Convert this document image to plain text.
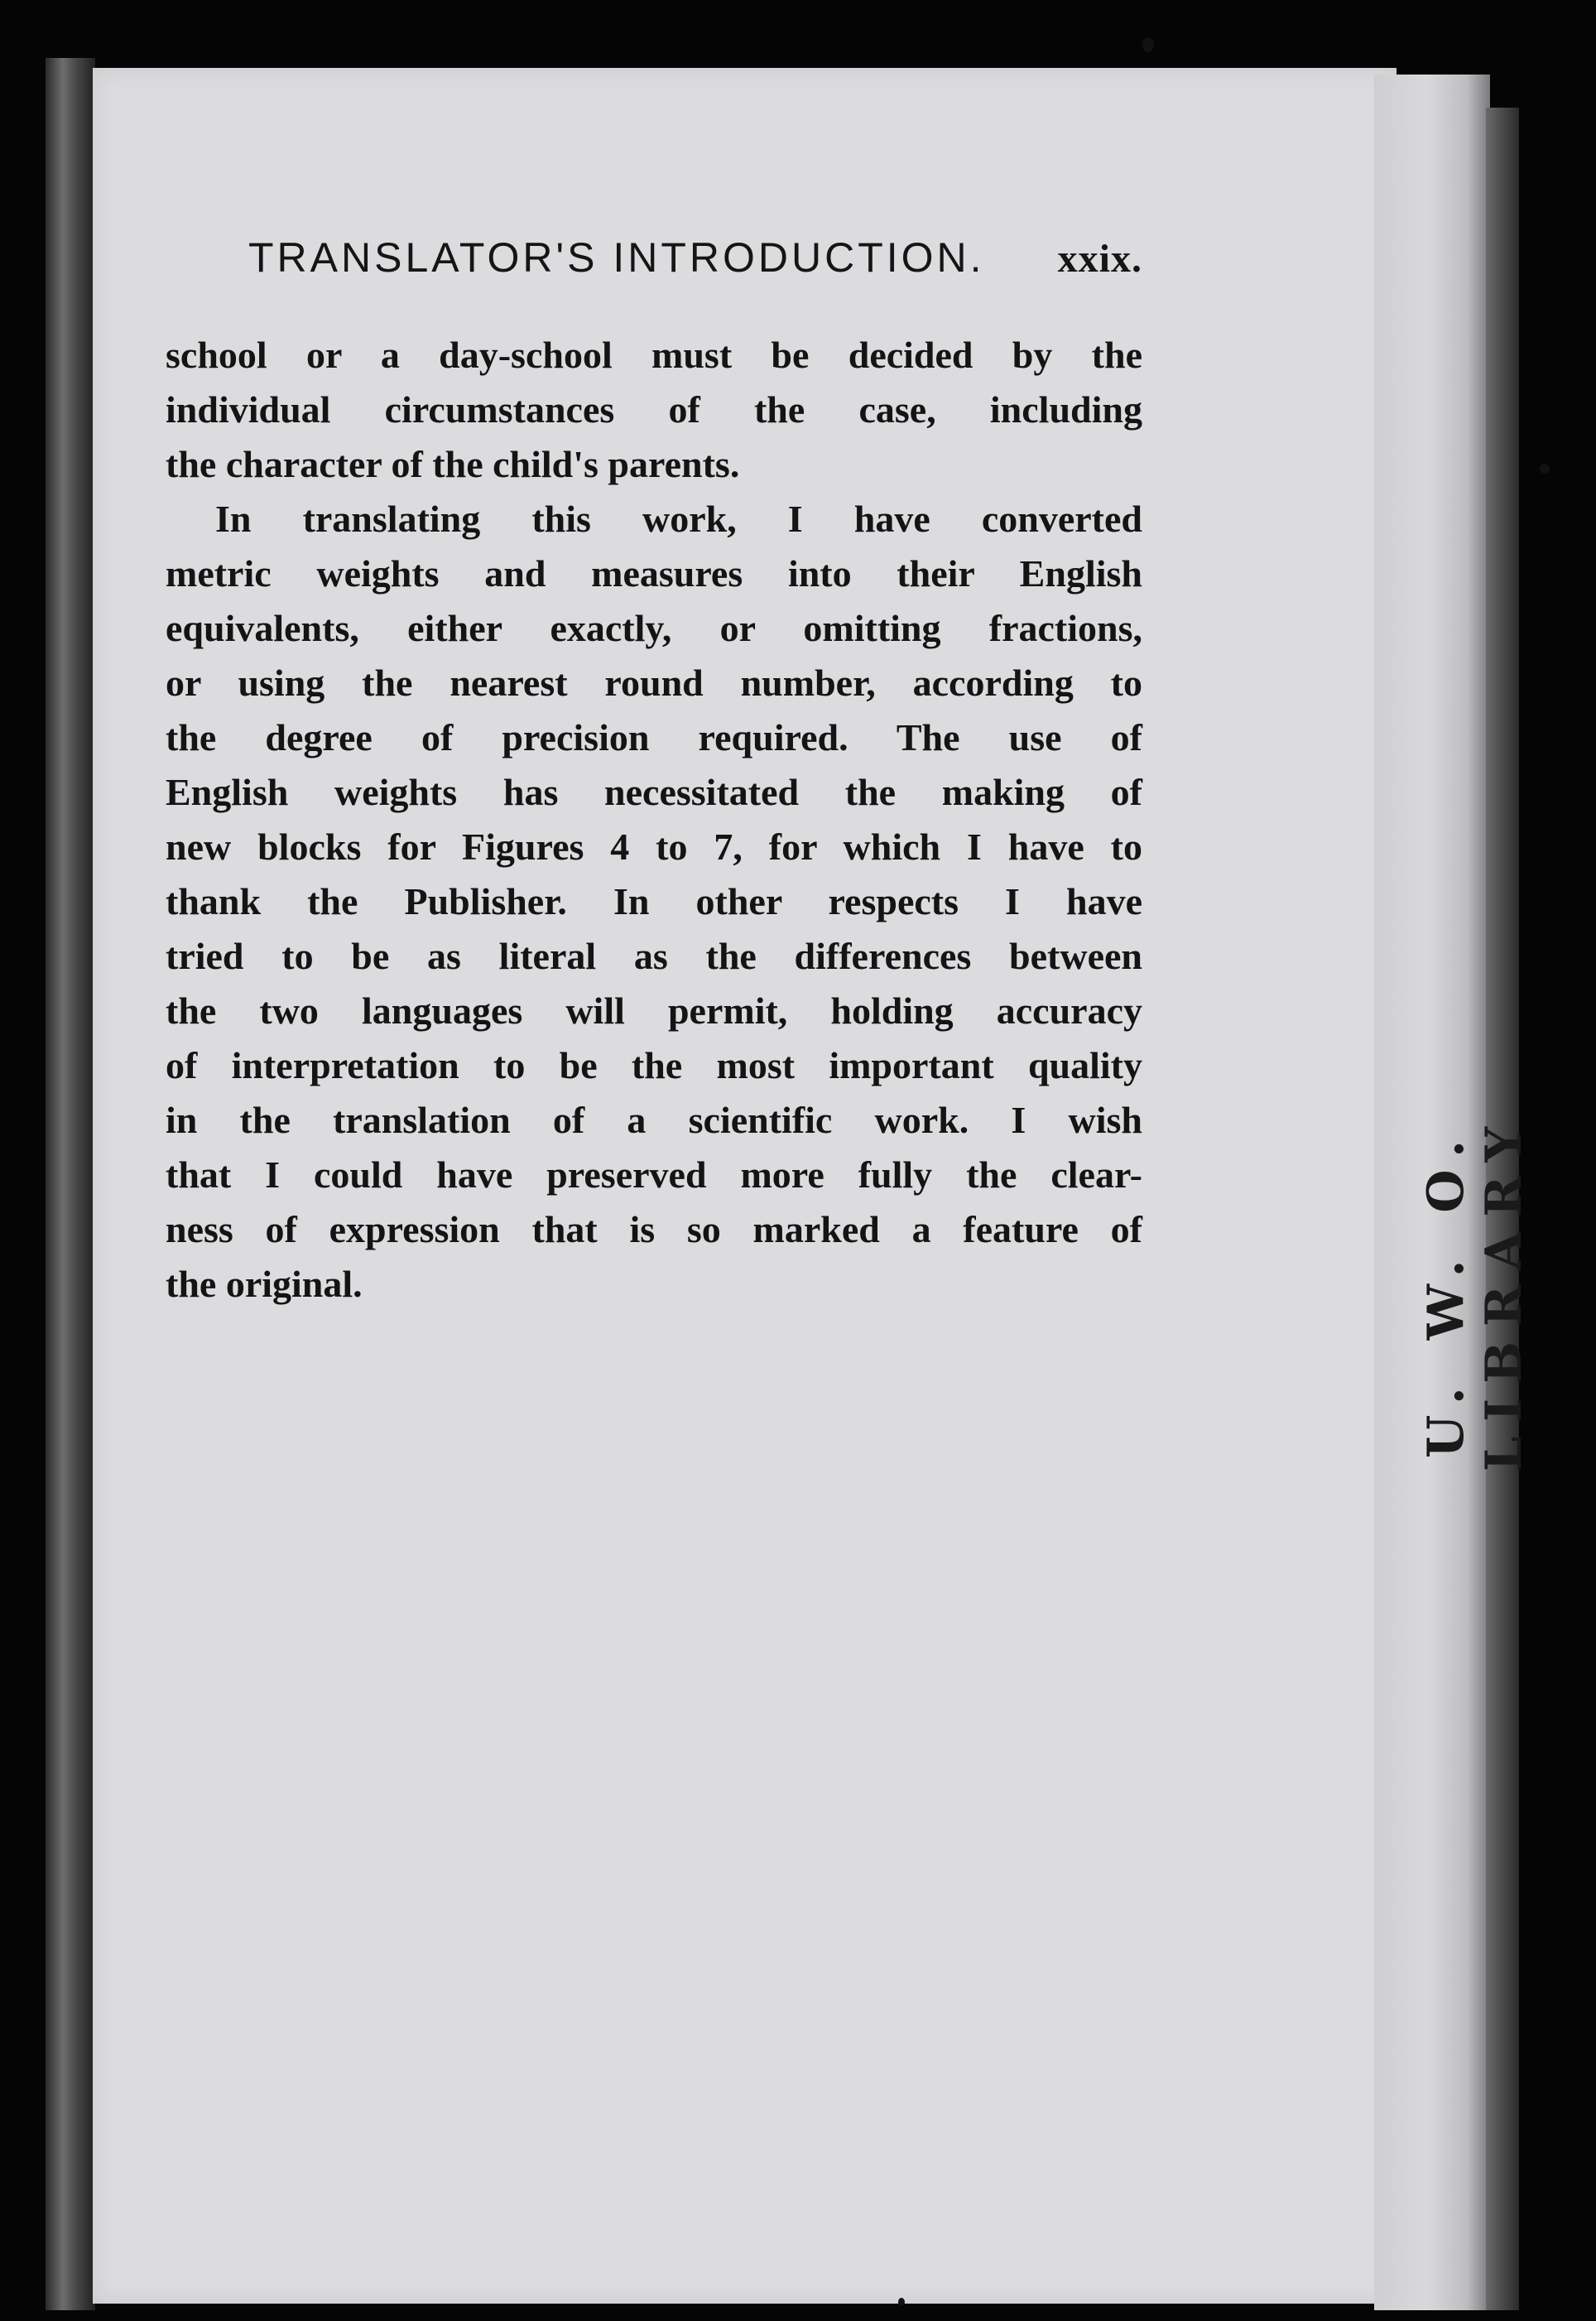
U. W. O. LIBRARY
TRANSLATOR'S INTRODUCTION. xxix.
school or a day-school must be decided by the
individual circumstances of the case, including
the character of the child's parents.
In translating this work, I have converted
metric weights and measures into their English
equivalents, either exactly, or omitting fractions,
or using the nearest round number, according to
the degree of precision required. The use of
English weights has necessitated the making of
new blocks for Figures 4 to 7, for which I have to
thank the Publisher. In other respects I have
tried to be as literal as the differences between
the two languages will permit, holding accuracy
of interpretation to be the most important quality
in the translation of a scientific work. I wish
that I could have preserved more fully the clear-
ness of expression that is so marked a feature of
the original.
